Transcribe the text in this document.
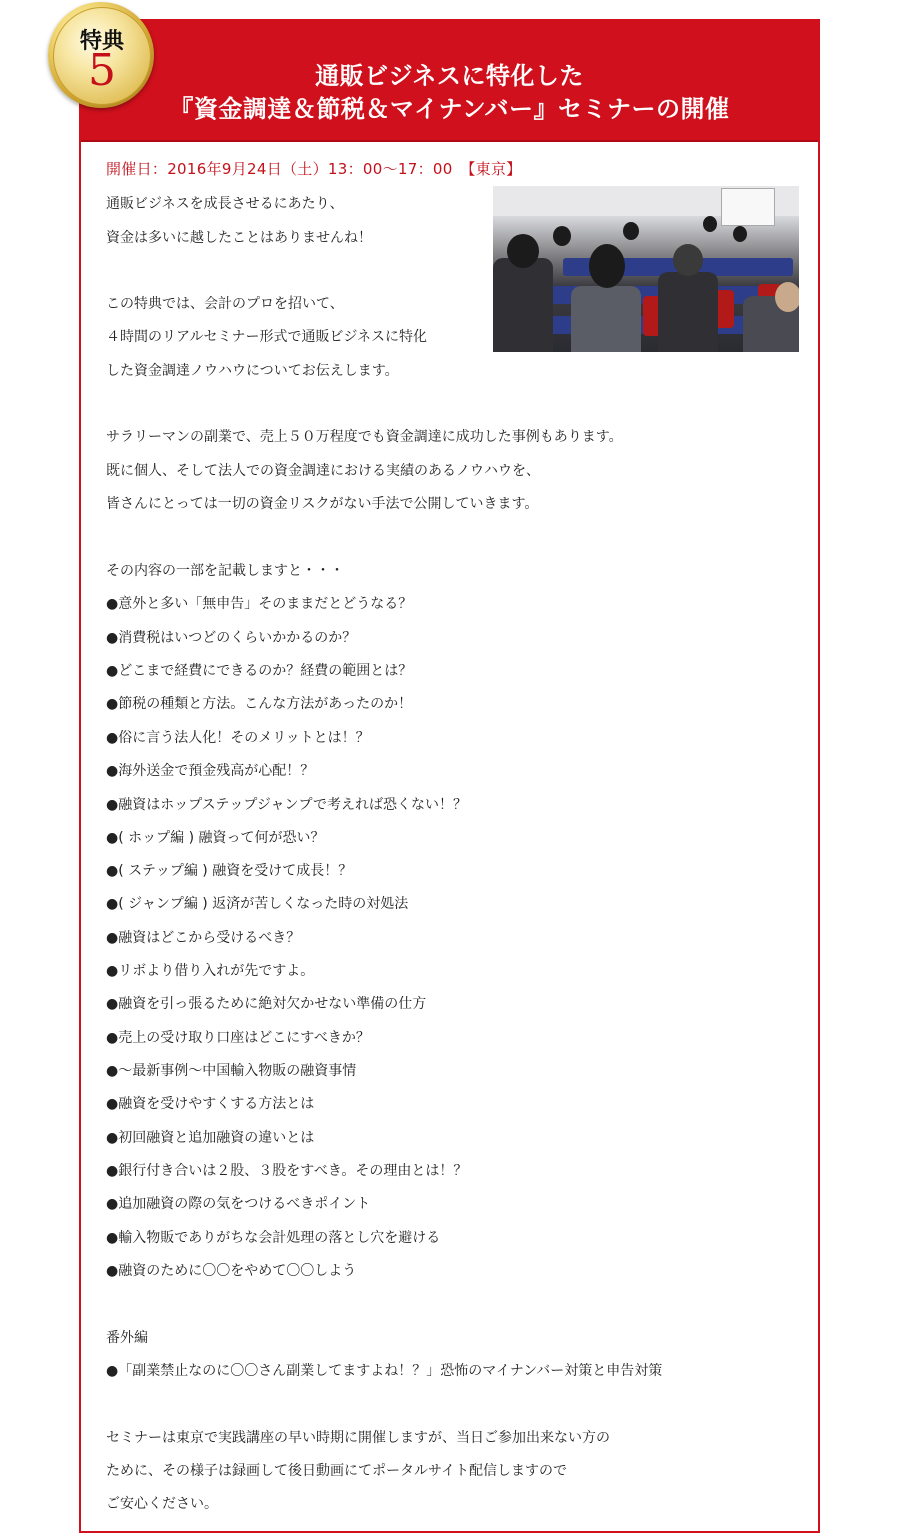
通販ビジネスに特化した
『資金調達＆節税＆マイナンバー』セミナーの開催
特典
5
開催日：2016年9月24日（土）13：00〜17：00　【東京】
通販ビジネスを成長させるにあたり、
資金は多いに越したことはありませんね！
この特典では、会計のプロを招いて、
４時間のリアルセミナー形式で通販ビジネスに特化
した資金調達ノウハウについてお伝えします。
サラリーマンの副業で、売上５０万程度でも資金調達に成功した事例もあります。
既に個人、そして法人での資金調達における実績のあるノウハウを、
皆さんにとっては一切の資金リスクがない手法で公開していきます。
その内容の一部を記載しますと・・・
●意外と多い「無申告」そのままだとどうなる？
●消費税はいつどのくらいかかるのか？
●どこまで経費にできるのか？経費の範囲とは？
●節税の種類と方法。こんな方法があったのか！
●俗に言う法人化！そのメリットとは！？
●海外送金で預金残高が心配！？
●融資はホップステップジャンプで考えれば恐くない！？
●( ホップ編 ) 融資って何が恐い？
●( ステップ編 ) 融資を受けて成長！？
●( ジャンプ編 ) 返済が苦しくなった時の対処法
●融資はどこから受けるべき？
●リボより借り入れが先ですよ。
●融資を引っ張るために絶対欠かせない準備の仕方
●売上の受け取り口座はどこにすべきか？
●〜最新事例〜中国輸入物販の融資事情
●融資を受けやすくする方法とは
●初回融資と追加融資の違いとは
●銀行付き合いは２股、３股をすべき。その理由とは！？
●追加融資の際の気をつけるべきポイント
●輸入物販でありがちな会計処理の落とし穴を避ける
●融資のために〇〇をやめて〇〇しよう
番外編
●「副業禁止なのに〇〇さん副業してますよね！？」恐怖のマイナンバー対策と申告対策
セミナーは東京で実践講座の早い時期に開催しますが、当日ご参加出来ない方の
ために、その様子は録画して後日動画にてポータルサイト配信しますので
ご安心ください。
